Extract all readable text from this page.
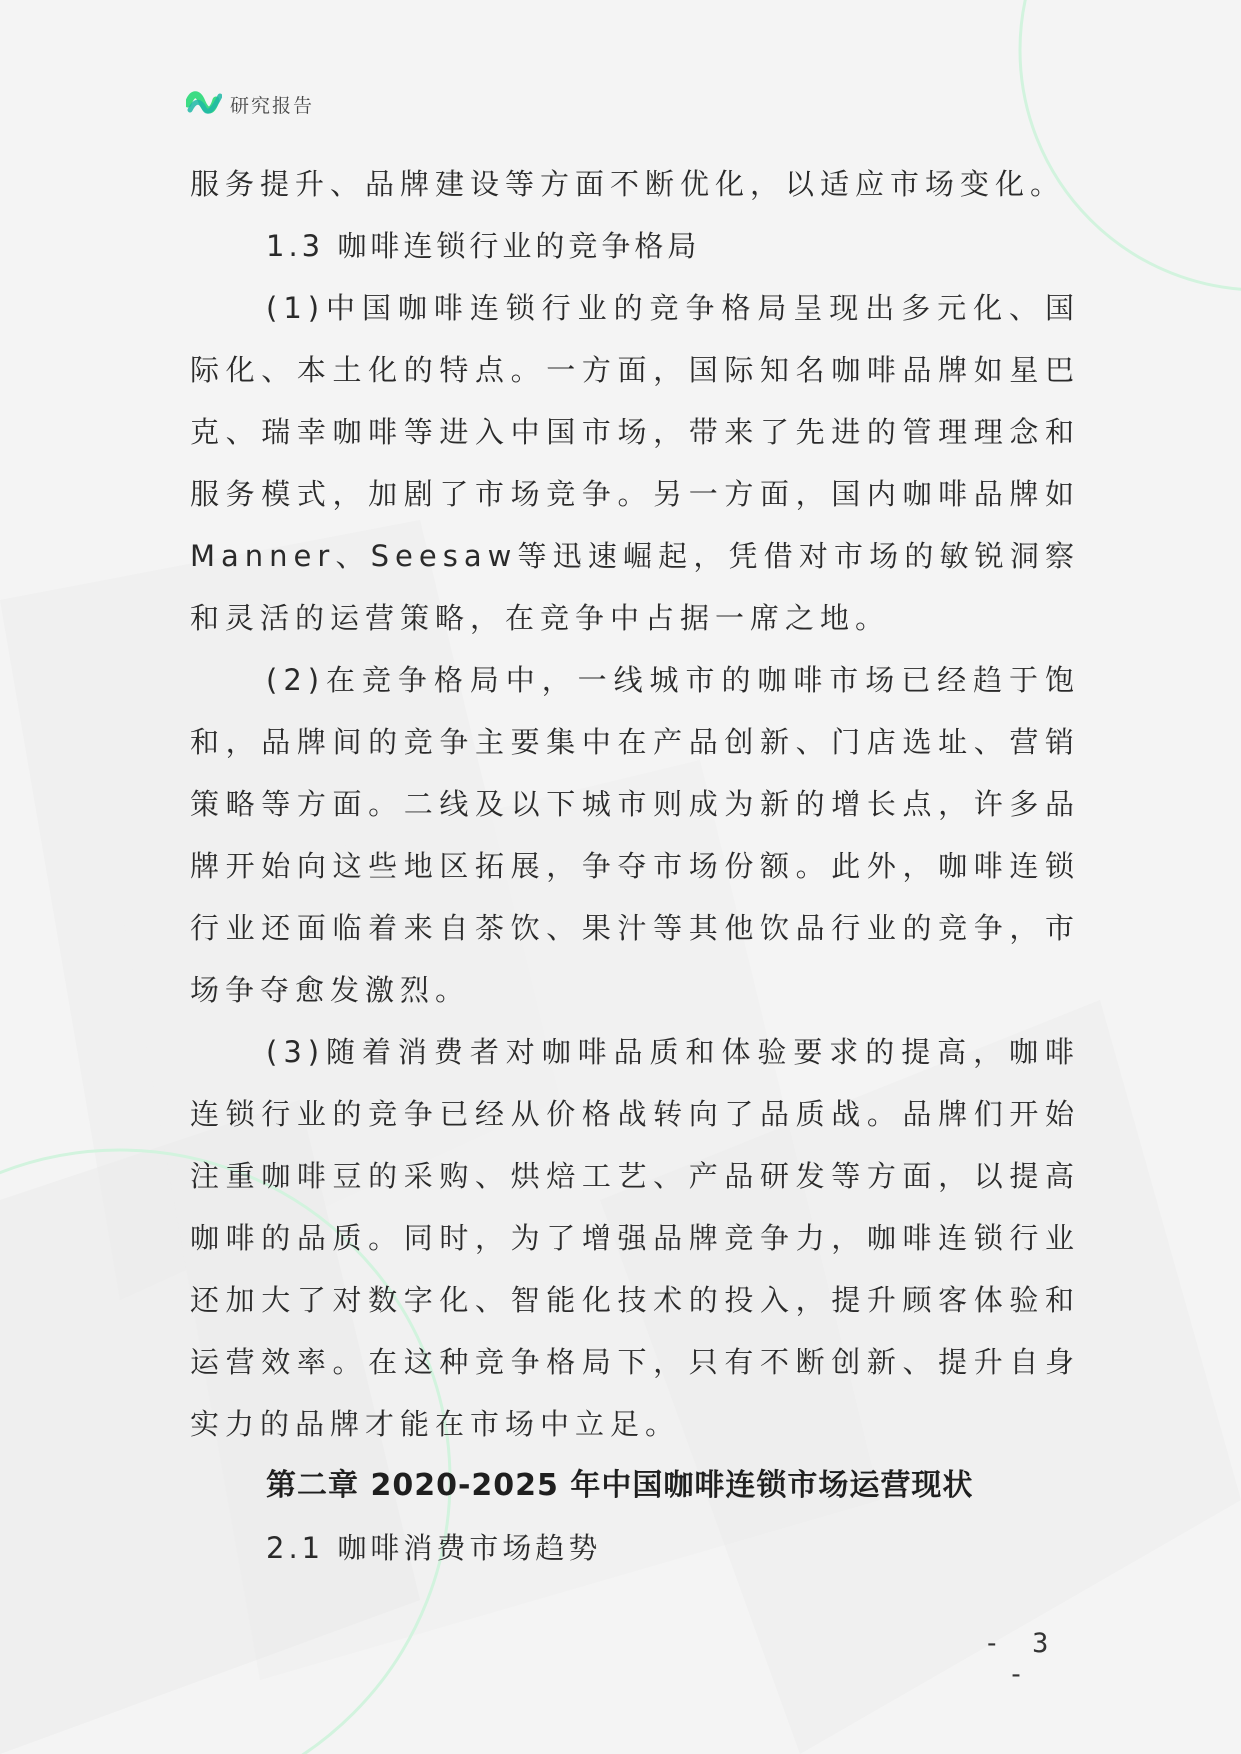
研究报告

服务提升、品牌建设等方面不断优化，以适应市场变化。

1.3 咖啡连锁行业的竞争格局

(1)中国咖啡连锁行业的竞争格局呈现出多元化、国际化、本土化的特点。一方面，国际知名咖啡品牌如星巴克、瑞幸咖啡等进入中国市场，带来了先进的管理理念和服务模式，加剧了市场竞争。另一方面，国内咖啡品牌如Manner、Seesaw等迅速崛起，凭借对市场的敏锐洞察和灵活的运营策略，在竞争中占据一席之地。

(2)在竞争格局中，一线城市的咖啡市场已经趋于饱和，品牌间的竞争主要集中在产品创新、门店选址、营销策略等方面。二线及以下城市则成为新的增长点，许多品牌开始向这些地区拓展，争夺市场份额。此外，咖啡连锁行业还面临着来自茶饮、果汁等其他饮品行业的竞争，市场争夺愈发激烈。

(3)随着消费者对咖啡品质和体验要求的提高，咖啡连锁行业的竞争已经从价格战转向了品质战。品牌们开始注重咖啡豆的采购、烘焙工艺、产品研发等方面，以提高咖啡的品质。同时，为了增强品牌竞争力，咖啡连锁行业还加大了对数字化、智能化技术的投入，提升顾客体验和运营效率。在这种竞争格局下，只有不断创新、提升自身实力的品牌才能在市场中立足。

第二章 2020-2025 年中国咖啡连锁市场运营现状

2.1 咖啡消费市场趋势

- 3 -
